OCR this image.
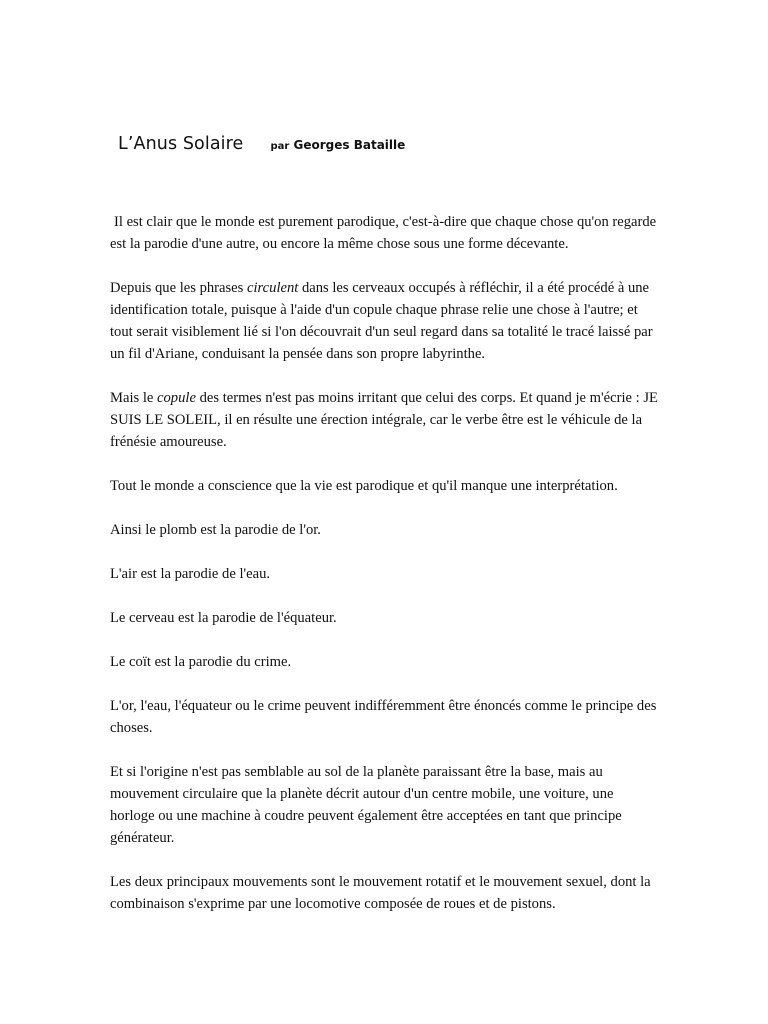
L’Anus Solaire	par Georges Bataille

Il est clair que le monde est purement parodique, c'est-à-dire que chaque chose qu'on regarde est la parodie d'une autre, ou encore la même chose sous une forme décevante.

Depuis que les phrases circulent dans les cerveaux occupés à réfléchir, il a été procédé à une identification totale, puisque à l'aide d'un copule chaque phrase relie une chose à l'autre; et tout serait visiblement lié si l'on découvrait d'un seul regard dans sa totalité le tracé laissé par un fil d'Ariane, conduisant la pensée dans son propre labyrinthe.

Mais le copule des termes n'est pas moins irritant que celui des corps. Et quand je m'écrie : JE SUIS LE SOLEIL, il en résulte une érection intégrale, car le verbe être est le véhicule de la frénésie amoureuse.

Tout le monde a conscience que la vie est parodique et qu'il manque une interprétation.

Ainsi le plomb est la parodie de l'or.

L'air est la parodie de l'eau.

Le cerveau est la parodie de l'équateur.

Le coït est la parodie du crime.

L'or, l'eau, l'équateur ou le crime peuvent indifféremment être énoncés comme le principe des choses.

Et si l'origine n'est pas semblable au sol de la planète paraissant être la base, mais au mouvement circulaire que la planète décrit autour d'un centre mobile, une voiture, une horloge ou une machine à coudre peuvent également être acceptées en tant que principe générateur.

Les deux principaux mouvements sont le mouvement rotatif et le mouvement sexuel, dont la combinaison s'exprime par une locomotive composée de roues et de pistons.
